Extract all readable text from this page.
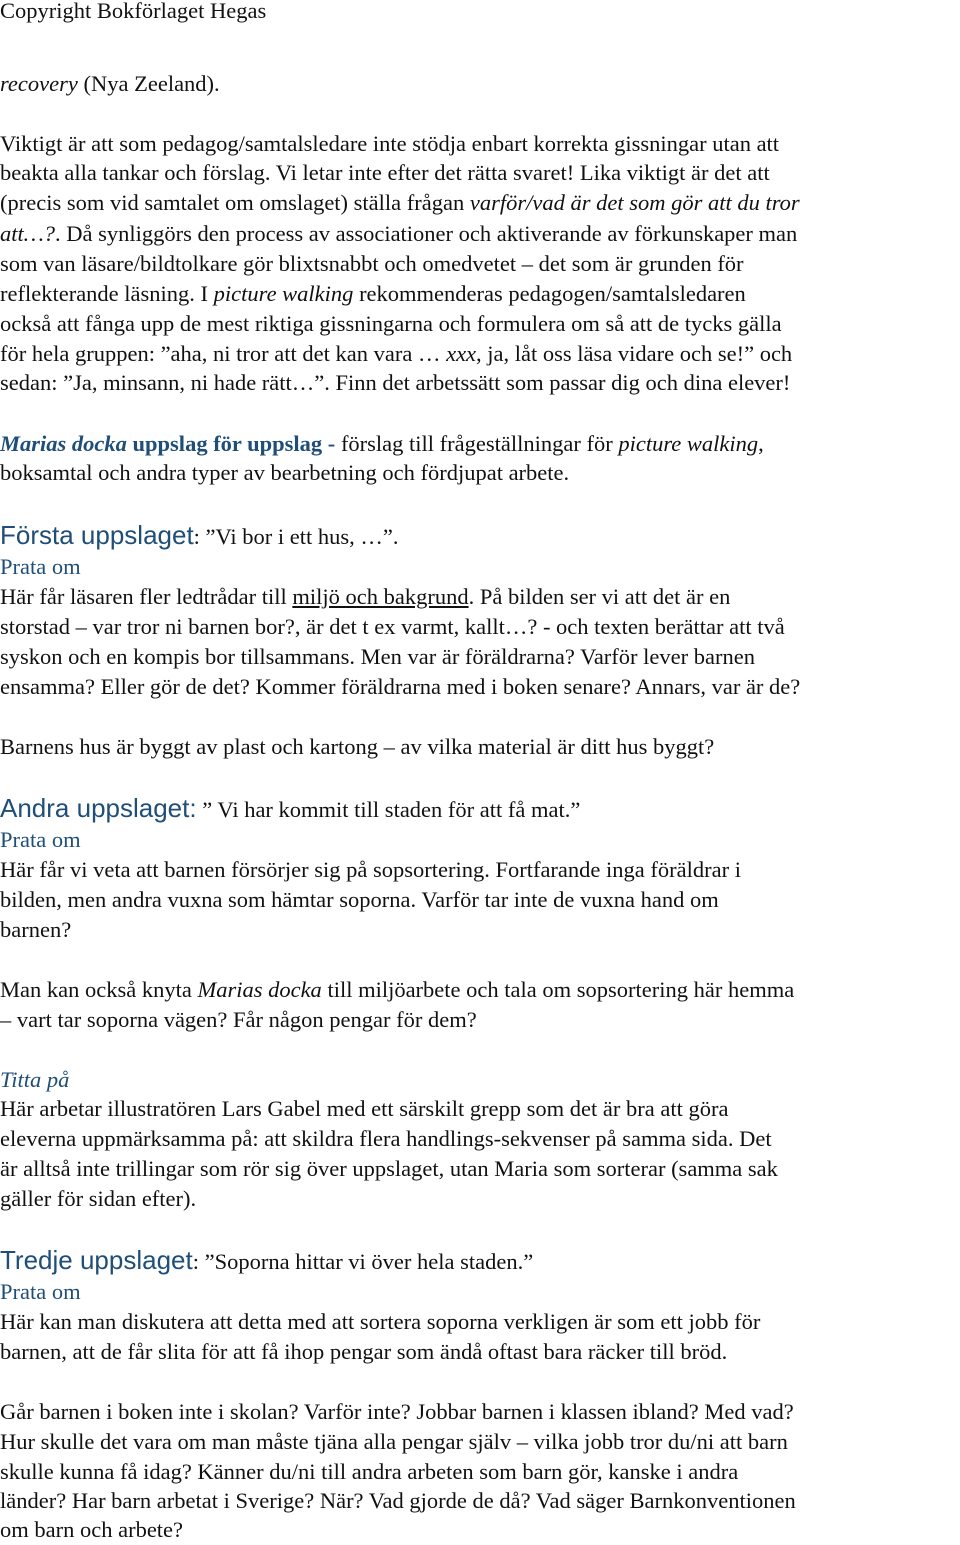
Copyright Bokförlaget Hegas

recovery (Nya Zeeland).

Viktigt är att som pedagog/samtalsledare inte stödja enbart korrekta gissningar utan att

beakta alla tankar och förslag. Vi letar inte efter det rätta svaret! Lika viktigt är det att

(precis som vid samtalet om omslaget) ställa frågan varför/vad är det som gör att du tror

att…?. Då synliggörs den process av associationer och aktiverande av förkunskaper man

som van läsare/bildtolkare gör blixtsnabbt och omedvetet – det som är grunden för

reflekterande läsning. I picture walking rekommenderas pedagogen/samtalsledaren

också att fånga upp de mest riktiga gissningarna och formulera om så att de tycks gälla

för hela gruppen: ”aha, ni tror att det kan vara … xxx, ja, låt oss läsa vidare och se!” och

sedan: ”Ja, minsann, ni hade rätt…”. Finn det arbetssätt som passar dig och dina elever!

Marias docka uppslag för uppslag - förslag till frågeställningar för picture walking,

boksamtal och andra typer av bearbetning och fördjupat arbete.

Första uppslaget: ”Vi bor i ett hus, …”.

Prata om

Här får läsaren fler ledtrådar till miljö och bakgrund. På bilden ser vi att det är en

storstad – var tror ni barnen bor?, är det t ex varmt, kallt…? - och texten berättar att två

syskon och en kompis bor tillsammans. Men var är föräldrarna? Varför lever barnen

ensamma? Eller gör de det? Kommer föräldrarna med i boken senare? Annars, var är de?

Barnens hus är byggt av plast och kartong – av vilka material är ditt hus byggt?

Andra uppslaget: ” Vi har kommit till staden för att få mat.”

Prata om

Här får vi veta att barnen försörjer sig på sopsortering. Fortfarande inga föräldrar i

bilden, men andra vuxna som hämtar soporna. Varför tar inte de vuxna hand om

barnen?

Man kan också knyta Marias docka till miljöarbete och tala om sopsortering här hemma

– vart tar soporna vägen? Får någon pengar för dem?

Titta på

Här arbetar illustratören Lars Gabel med ett särskilt grepp som det är bra att göra

eleverna uppmärksamma på: att skildra flera handlings-sekvenser på samma sida. Det

är alltså inte trillingar som rör sig över uppslaget, utan Maria som sorterar (samma sak

gäller för sidan efter).

Tredje uppslaget: ”Soporna hittar vi över hela staden.”

Prata om

Här kan man diskutera att detta med att sortera soporna verkligen är som ett jobb för

barnen, att de får slita för att få ihop pengar som ändå oftast bara räcker till bröd.

Går barnen i boken inte i skolan? Varför inte? Jobbar barnen i klassen ibland? Med vad?

Hur skulle det vara om man måste tjäna alla pengar själv – vilka jobb tror du/ni att barn

skulle kunna få idag? Känner du/ni till andra arbeten som barn gör, kanske i andra

länder? Har barn arbetat i Sverige? När? Vad gjorde de då? Vad säger Barnkonventionen

om barn och arbete?
